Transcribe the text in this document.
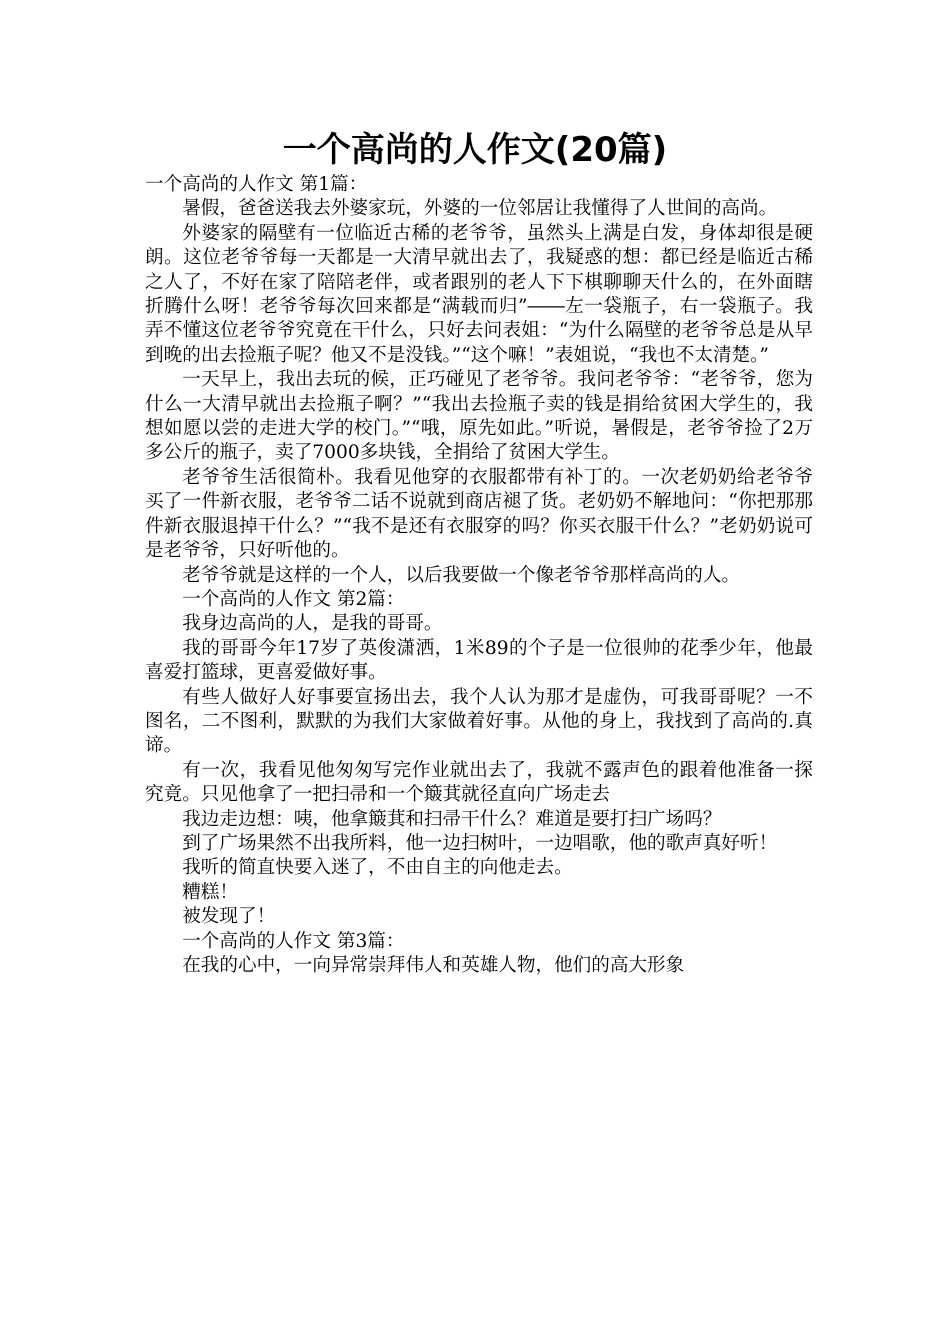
一个高尚的人作文(20篇)

一个高尚的人作文 第1篇：

暑假，爸爸送我去外婆家玩，外婆的一位邻居让我懂得了人世间的高尚。

外婆家的隔壁有一位临近古稀的老爷爷，虽然头上满是白发，身体却很是硬朗。这位老爷爷每一天都是一大清早就出去了，我疑惑的想：都已经是临近古稀之人了，不好在家了陪陪老伴，或者跟别的老人下下棋聊聊天什么的，在外面瞎折腾什么呀！老爷爷每次回来都是“满载而归”――左一袋瓶子，右一袋瓶子。我弄不懂这位老爷爷究竟在干什么，只好去问表姐：“为什么隔壁的老爷爷总是从早到晚的出去捡瓶子呢？他又不是没钱。”“这个嘛！”表姐说，“我也不太清楚。”

一天早上，我出去玩的候，正巧碰见了老爷爷。我问老爷爷：“老爷爷，您为什么一大清早就出去捡瓶子啊？”“我出去捡瓶子卖的钱是捐给贫困大学生的，我想如愿以尝的走进大学的校门。”“哦，原先如此。”听说，暑假是，老爷爷捡了2万多公斤的瓶子，卖了7000多块钱，全捐给了贫困大学生。

老爷爷生活很简朴。我看见他穿的衣服都带有补丁的。一次老奶奶给老爷爷买了一件新衣服，老爷爷二话不说就到商店褪了货。老奶奶不解地问：“你把那那件新衣服退掉干什么？”“我不是还有衣服穿的吗？你买衣服干什么？”老奶奶说可是老爷爷，只好听他的。

老爷爷就是这样的一个人，以后我要做一个像老爷爷那样高尚的人。

一个高尚的人作文 第2篇：

我身边高尚的人，是我的哥哥。

我的哥哥今年17岁了英俊潇洒，1米89的个子是一位很帅的花季少年，他最喜爱打篮球，更喜爱做好事。

有些人做好人好事要宣扬出去，我个人认为那才是虚伪，可我哥哥呢？一不图名，二不图利，默默的为我们大家做着好事。从他的身上，我找到了高尚的.真谛。

有一次，我看见他匆匆写完作业就出去了，我就不露声色的跟着他准备一探究竟。只见他拿了一把扫帚和一个簸萁就径直向广场走去

我边走边想：咦，他拿簸萁和扫帚干什么？难道是要打扫广场吗？

到了广场果然不出我所料，他一边扫树叶，一边唱歌，他的歌声真好听！

我听的简直快要入迷了，不由自主的向他走去。

糟糕！

被发现了！

一个高尚的人作文 第3篇：

在我的心中，一向异常崇拜伟人和英雄人物，他们的高大形象
